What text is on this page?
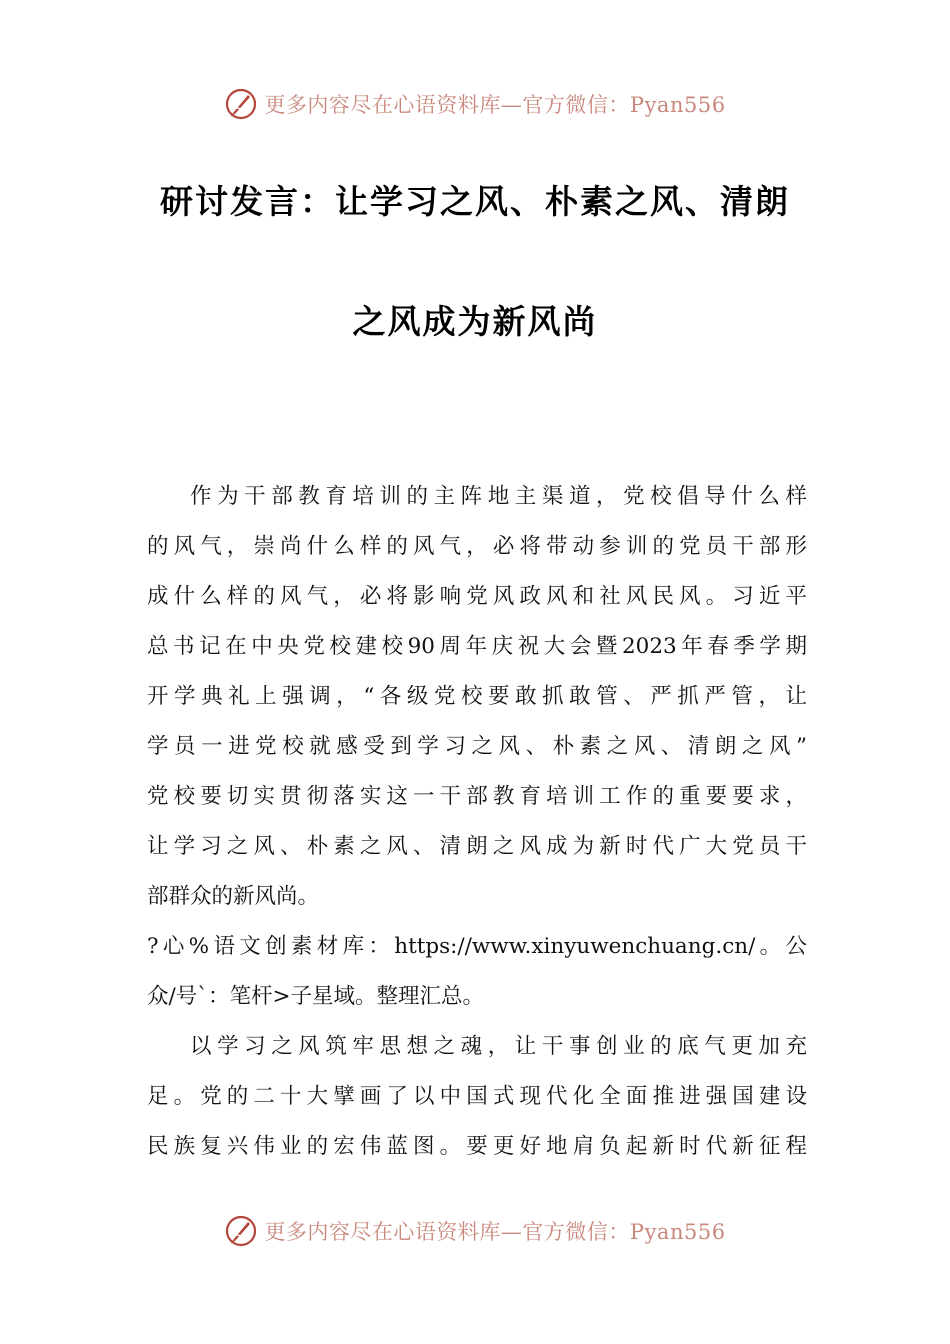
更多内容尽在心语资料库—官方微信：Pyan556
研讨发言：让学习之风、朴素之风、清朗
之风成为新风尚
作为干部教育培训的主阵地主渠道，党校倡导什么样
的风气，崇尚什么样的风气，必将带动参训的党员干部形
成什么样的风气，必将影响党风政风和社风民风。习近平
总书记在中央党校建校90周年庆祝大会暨2023年春季学期
开学典礼上强调，“各级党校要敢抓敢管、严抓严管，让
学员一进党校就感受到学习之风、朴素之风、清朗之风”
党校要切实贯彻落实这一干部教育培训工作的重要要求，
让学习之风、朴素之风、清朗之风成为新时代广大党员干
部群众的新风尚。
?心%语文创素材库：https://www.xinyuwenchuang.cn/。公
众/号`：笔杆>子星域。整理汇总。
以学习之风筑牢思想之魂，让干事创业的底气更加充
足。党的二十大擘画了以中国式现代化全面推进强国建设
民族复兴伟业的宏伟蓝图。要更好地肩负起新时代新征程
更多内容尽在心语资料库—官方微信：Pyan556
